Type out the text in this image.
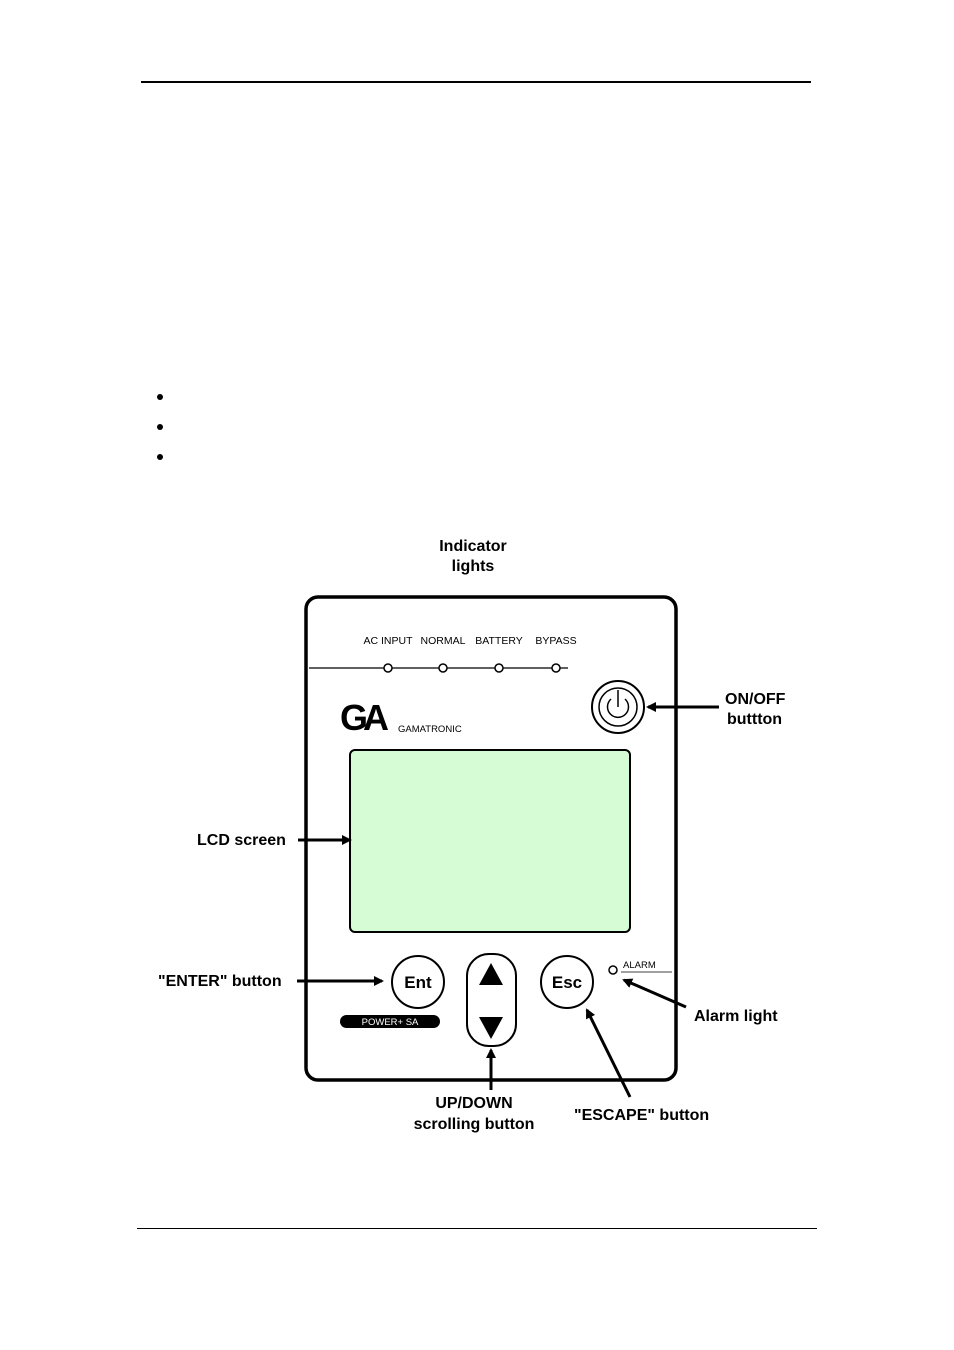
Indicator
lights
AC INPUT NORMAL BATTERY BYPASS
GA	GAMATRONIC
ON/OFF
buttton
LCD screen
Ent
"ENTER" button
POWER+ SA
UP/DOWN
scrolling button
Esc
"ESCAPE" button
ALARM
Alarm light
